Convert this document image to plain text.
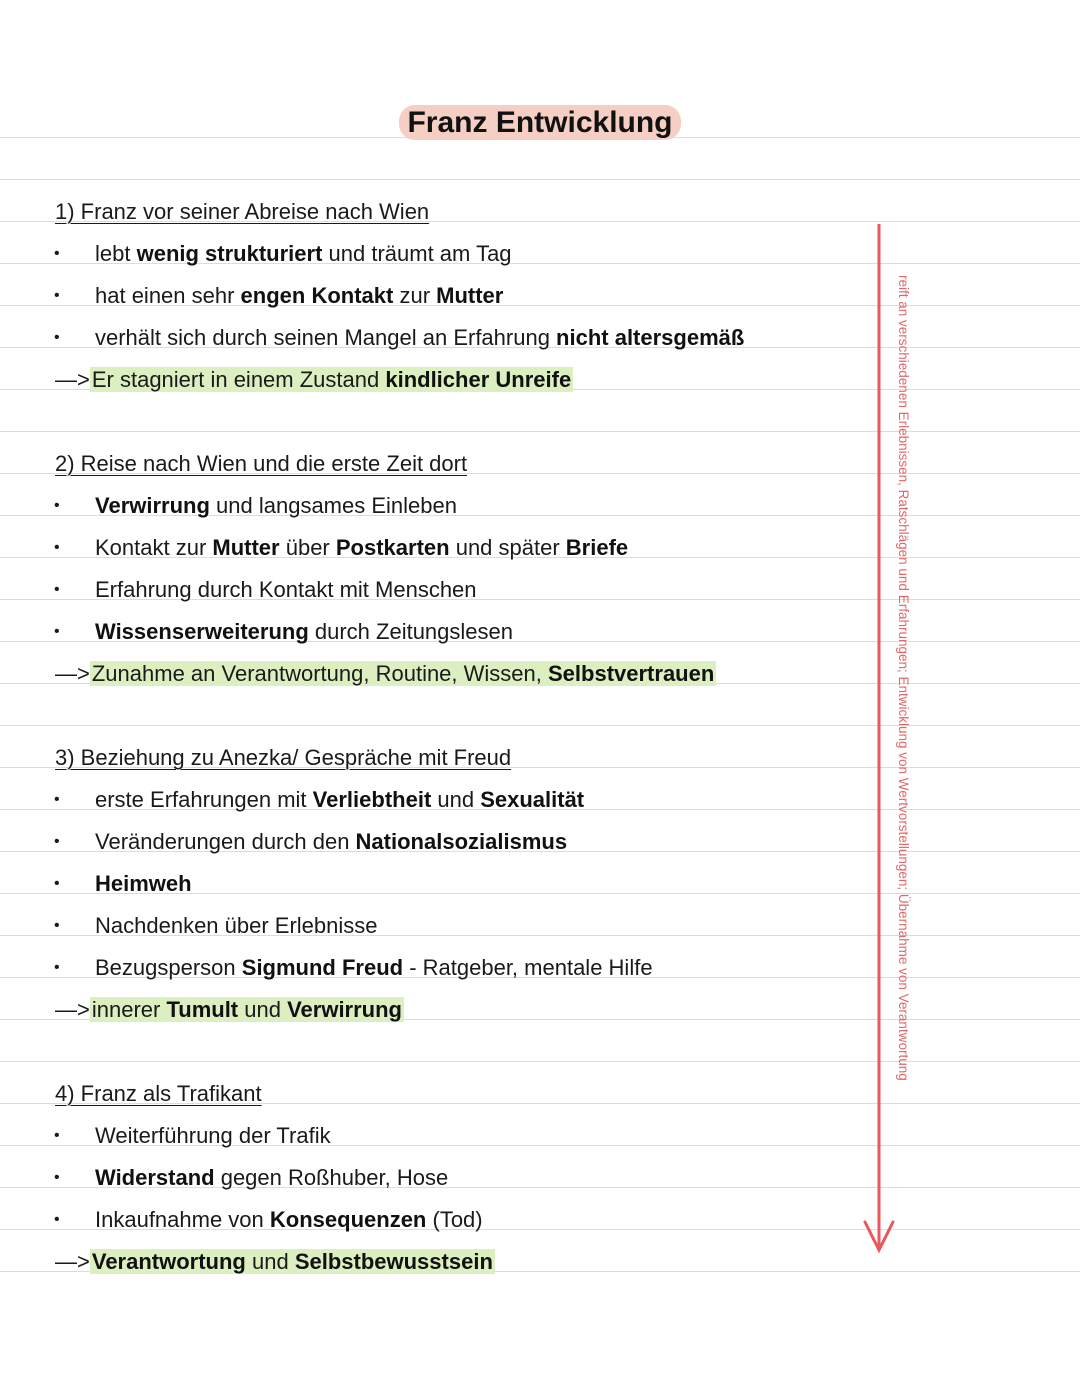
Franz Entwicklung
1) Franz vor seiner Abreise nach Wien
• lebt wenig strukturiert und träumt am Tag
• hat einen sehr engen Kontakt zur Mutter
• verhält sich durch seinen Mangel an Erfahrung nicht altersgemäß
—>Er stagniert in einem Zustand kindlicher Unreife
2) Reise nach Wien und die erste Zeit dort
• Verwirrung und langsames Einleben
• Kontakt zur Mutter über Postkarten und später Briefe
• Erfahrung durch Kontakt mit Menschen
• Wissenserweiterung durch Zeitungslesen
—>Zunahme an Verantwortung, Routine, Wissen, Selbstvertrauen
3) Beziehung zu Anezka/ Gespräche mit Freud
• erste Erfahrungen mit Verliebtheit und Sexualität
• Veränderungen durch den Nationalsozialismus
• Heimweh
• Nachdenken über Erlebnisse
• Bezugsperson Sigmund Freud - Ratgeber, mentale Hilfe
—>innerer Tumult und Verwirrung
4) Franz als Trafikant
• Weiterführung der Trafik
• Widerstand gegen Roßhuber, Hose
• Inkaufnahme von Konsequenzen (Tod)
—>Verantwortung und Selbstbewusstsein
reift an verschiedenen Erlebnissen, Ratschlägen und Erfahrungen; Entwicklung von Wertvorstellungen; Übernahme von Verantwortung
